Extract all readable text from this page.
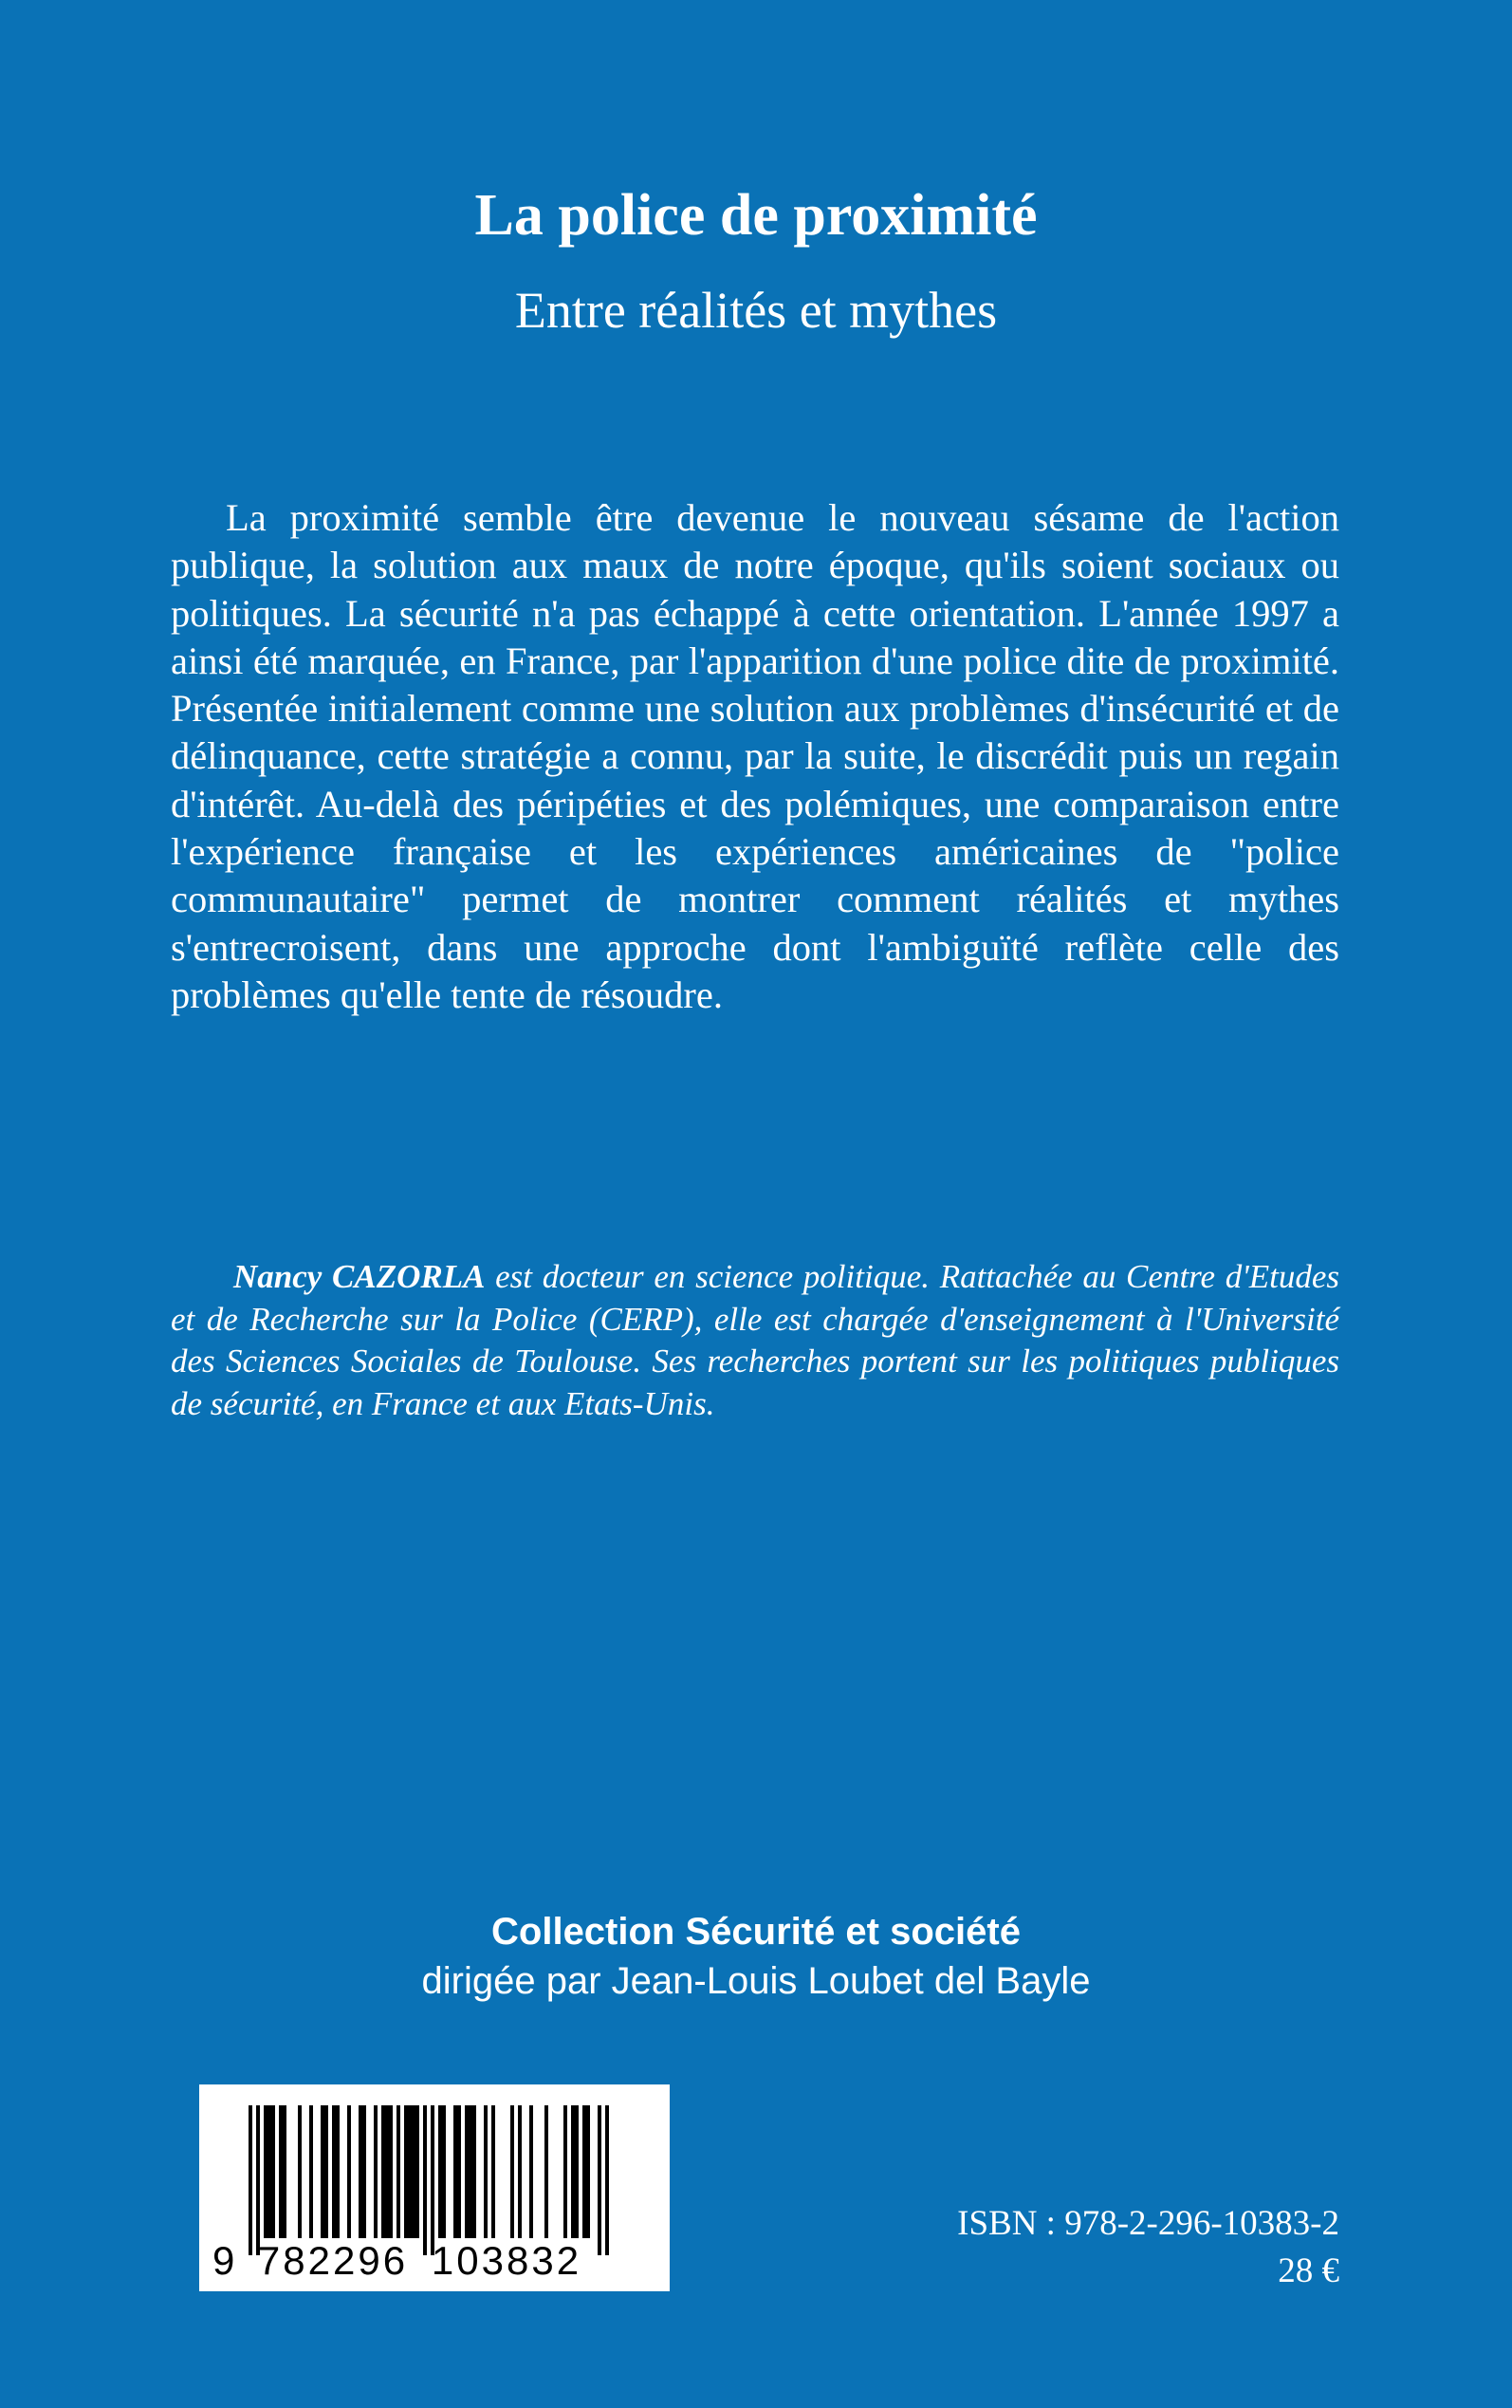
La police de proximité
Entre réalités et mythes

La proximité semble être devenue le nouveau sésame de l'action publique, la solution aux maux de notre époque, qu'ils soient sociaux ou politiques. La sécurité n'a pas échappé à cette orientation. L'année 1997 a ainsi été marquée, en France, par l'apparition d'une police dite de proximité. Présentée initialement comme une solution aux problèmes d'insécurité et de délinquance, cette stratégie a connu, par la suite, le discrédit puis un regain d'intérêt. Au-delà des péripéties et des polémiques, une comparaison entre l'expérience française et les expériences américaines de "police communautaire" permet de montrer comment réalités et mythes s'entrecroisent, dans une approche dont l'ambiguïté reflète celle des problèmes qu'elle tente de résoudre.

Nancy CAZORLA est docteur en science politique. Rattachée au Centre d'Etudes et de Recherche sur la Police (CERP), elle est chargée d'enseignement à l'Université des Sciences Sociales de Toulouse. Ses recherches portent sur les politiques publiques de sécurité, en France et aux Etats-Unis.

Collection Sécurité et société
dirigée par Jean-Louis Loubet del Bayle
9 782296 103832
ISBN : 978-2-296-10383-2
28 €
